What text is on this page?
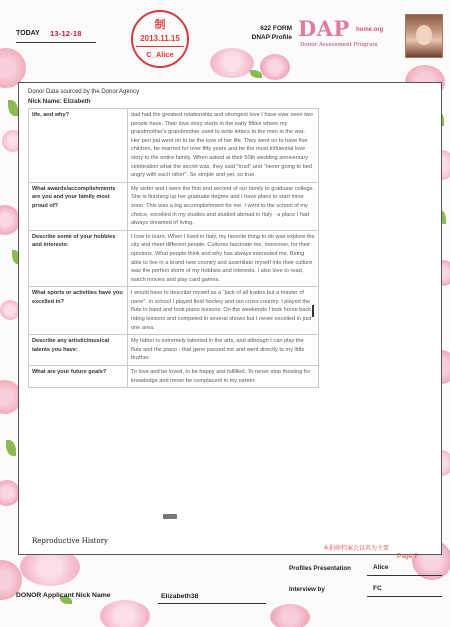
TODAY 13-12-18
制
2013.11.15
C_Alice
622 FORM
DNAP Profile DAP home.org
Donor Assessment Program
Donor Data sourced by the Donor Agency
Nick Name: Elizabeth
life, and why?	dad had the greatest relationship and strongest love I have ever seen two people have. Their love story starts in the early fifties where my grandmother's grandmother used to write letters to the men in the war. Her pen pal went on to be the love of her life. They went on to have five children, be married for over fifty years and be the most influential love story to the entire family. When asked at their 50th wedding anniversary celebration what the secret was, they said "trust" and "never going to bed angry with each other". So simple and yet, so true.
What awards/accomplishments are you and your family most proud of?	My sister and I were the first and second of our family to graduate college. She is finishing up her graduate degree and I have plans to start mine soon. This was a big accomplishment for me. I went to the school of my choice, excelled in my studies and studied abroad in Italy - a place I had always dreamed of living.
Describe some of your hobbies and interests:	I love to learn. When I lived in Italy, my favorite thing to do was explore the city and meet different people. Cultures fascinate me, moreover, for their opinions. What people think and why has always interested me. Being able to live in a brand new country and assimilate myself into their culture was the perfect storm of my hobbies and interests. I also love to read, watch movies and play card games.
What sports or activities have you excelled in?	I would have to describe myself as a "jack of all trades but a master of none". In school I played field hockey and ran cross country. I played the flute in band and took piano lessons. On the weekends I took horse back riding lessons and competed in several shows but I never excelled in just one area.
Describe any artistic/musical talents you have:	My father is extremely talented in the arts, and although I can play the flute and the piano - that gene passed me and went directly to my little brother.
What are your future goals?	To love and be loved, to be happy and fulfilled. To never stop thirsting for knowledge and never be complacent in my career.
Reproductive History
本捐卵档案会以英为主要
Page 7
Profiles Presentation	Alice
Interview by	FC
DONOR Applicant Nick Name	Elizabeth38
